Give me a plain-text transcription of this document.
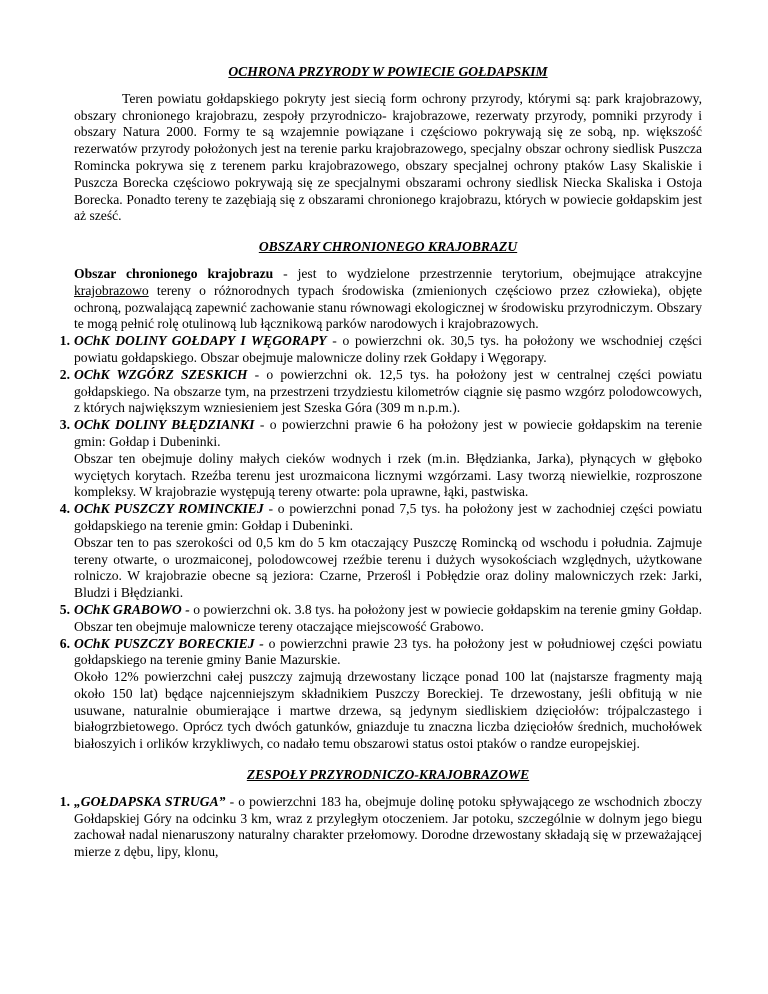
OCHRONA PRZYRODY W POWIECIE GOŁDAPSKIM

Teren powiatu gołdapskiego pokryty jest siecią form ochrony przyrody, którymi są: park krajobrazowy, obszary chronionego krajobrazu, zespoły przyrodniczo- krajobrazowe, rezerwaty przyrody, pomniki przyrody i obszary Natura 2000. Formy te są wzajemnie powiązane i częściowo pokrywają się ze sobą, np. większość rezerwatów przyrody położonych jest na terenie parku krajobrazowego, specjalny obszar ochrony siedlisk Puszcza Romincka pokrywa się z terenem parku krajobrazowego, obszary specjalnej ochrony ptaków Lasy Skaliskie i Puszcza Borecka częściowo pokrywają się ze specjalnymi obszarami ochrony siedlisk Niecka Skaliska i Ostoja Borecka. Ponadto tereny te zazębiają się z obszarami chronionego krajobrazu, których w powiecie gołdapskim jest aż sześć.

OBSZARY CHRONIONEGO KRAJOBRAZU

Obszar chronionego krajobrazu - jest to wydzielone przestrzennie terytorium, obejmujące atrakcyjne krajobrazowo tereny o różnorodnych typach środowiska (zmienionych częściowo przez człowieka), objęte ochroną, pozwalającą zapewnić zachowanie stanu równowagi ekologicznej w środowisku przyrodniczym. Obszary te mogą pełnić rolę otulinową lub łącznikową parków narodowych i krajobrazowych.

1. OChK DOLINY GOŁDAPY I WĘGORAPY - o powierzchni ok. 30,5 tys. ha położony we wschodniej części powiatu gołdapskiego. Obszar obejmuje malownicze doliny rzek Gołdapy i Węgorapy.

2. OChK WZGÓRZ SZESKICH - o powierzchni ok. 12,5 tys. ha położony jest w centralnej części powiatu gołdapskiego. Na obszarze tym, na przestrzeni trzydziestu kilometrów ciągnie się pasmo wzgórz polodowcowych, z których największym wzniesieniem jest Szeska Góra (309 m n.p.m.).

3. OChK DOLINY BŁĘDZIANKI - o powierzchni prawie 6 ha położony jest w powiecie gołdapskim na terenie gmin: Gołdap i Dubeninki.

Obszar ten obejmuje doliny małych cieków wodnych i rzek (m.in. Błędzianka, Jarka), płynących w głęboko wyciętych korytach. Rzeźba terenu jest urozmaicona licznymi wzgórzami. Lasy tworzą niewielkie, rozproszone kompleksy. W krajobrazie występują tereny otwarte: pola uprawne, łąki, pastwiska.

4. OChK PUSZCZY ROMINCKIEJ - o powierzchni ponad 7,5 tys. ha położony jest w zachodniej części powiatu gołdapskiego na terenie gmin: Gołdap i Dubeninki.

Obszar ten to pas szerokości od 0,5 km do 5 km otaczający Puszczę Romincką od wschodu i południa. Zajmuje tereny otwarte, o urozmaiconej, polodowcowej rzeźbie terenu i dużych wysokościach względnych, użytkowane rolniczo. W krajobrazie obecne są jeziora: Czarne, Przerośl i Pobłędzie oraz doliny malowniczych rzek: Jarki, Bludzi i Błędzianki.

5. OChK GRABOWO - o powierzchni ok. 3.8 tys. ha położony jest w powiecie gołdapskim na terenie gminy Gołdap. Obszar ten obejmuje malownicze tereny otaczające miejscowość Grabowo.

6. OChK PUSZCZY BORECKIEJ - o powierzchni prawie 23 tys. ha położony jest w południowej części powiatu gołdapskiego na terenie gminy Banie Mazurskie.

Około 12% powierzchni całej puszczy zajmują drzewostany liczące ponad 100 lat (najstarsze fragmenty mają około 150 lat) będące najcenniejszym składnikiem Puszczy Boreckiej. Te drzewostany, jeśli obfitują w nie usuwane, naturalnie obumierające i martwe drzewa, są jedynym siedliskiem dzięciołów: trójpalczastego i białogrzbietowego. Oprócz tych dwóch gatunków, gniazduje tu znaczna liczba dzięciołów średnich, muchołówek białoszyich i orlików krzykliwych, co nadało temu obszarowi status ostoi ptaków o randze europejskiej.

ZESPOŁY PRZYRODNICZO-KRAJOBRAZOWE
1. „GOŁDAPSKA STRUGA” - o powierzchni 183 ha, obejmuje dolinę potoku spływającego ze wschodnich zboczy Gołdapskiej Góry na odcinku 3 km, wraz z przyległym otoczeniem. Jar potoku, szczególnie w dolnym jego biegu zachował nadal nienaruszony naturalny charakter przełomowy. Dorodne drzewostany składają się w przeważającej mierze z dębu, lipy, klonu,
